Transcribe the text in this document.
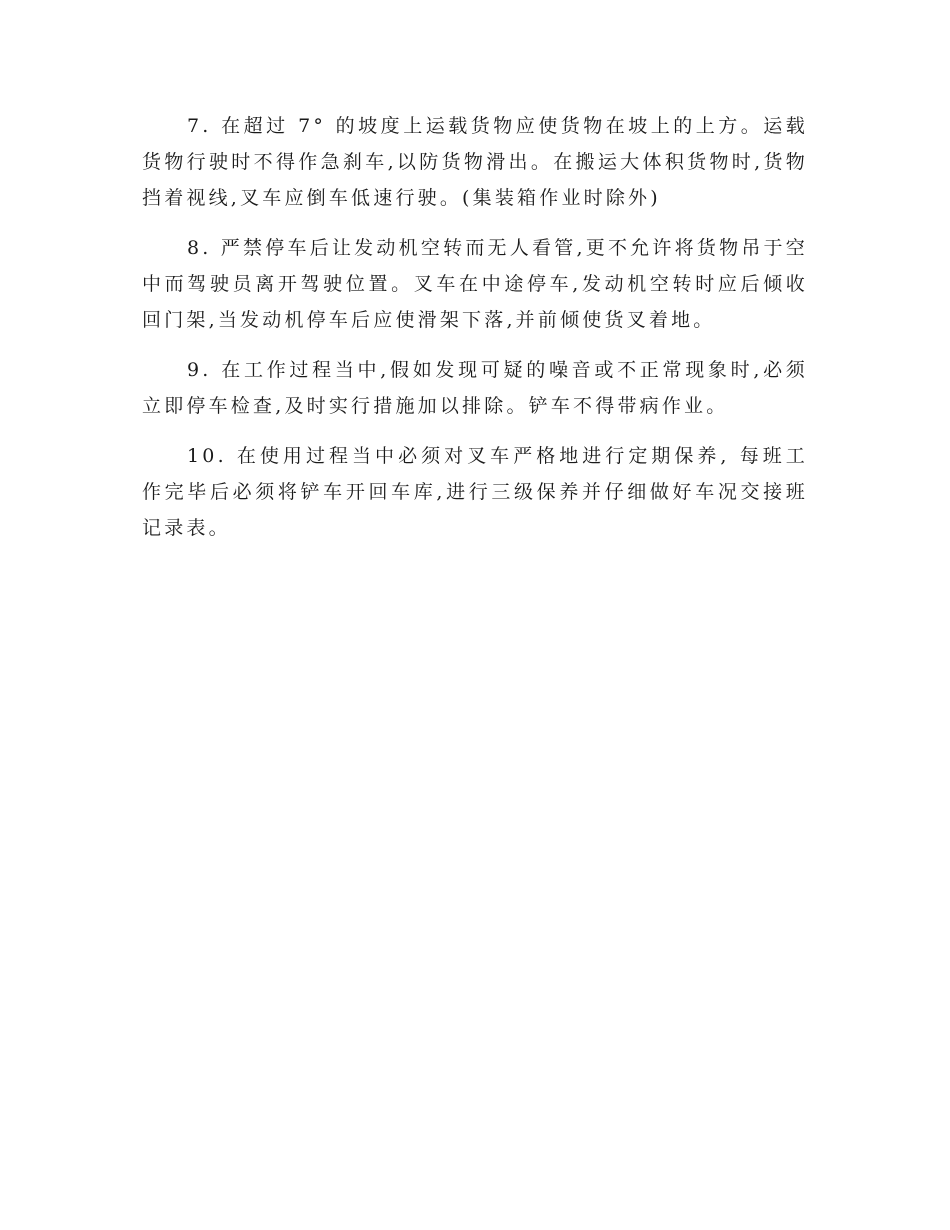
7. 在超过 7° 的坡度上运载货物应使货物在坡上的上方。运载货物行驶时不得作急刹车,以防货物滑出。在搬运大体积货物时,货物挡着视线,叉车应倒车低速行驶。(集装箱作业时除外)

8. 严禁停车后让发动机空转而无人看管,更不允许将货物吊于空中而驾驶员离开驾驶位置。叉车在中途停车,发动机空转时应后倾收回门架,当发动机停车后应使滑架下落,并前倾使货叉着地。

9. 在工作过程当中,假如发现可疑的噪音或不正常现象时,必须立即停车检查,及时实行措施加以排除。铲车不得带病作业。

10. 在使用过程当中必须对叉车严格地进行定期保养, 每班工作完毕后必须将铲车开回车库,进行三级保养并仔细做好车况交接班记录表。
